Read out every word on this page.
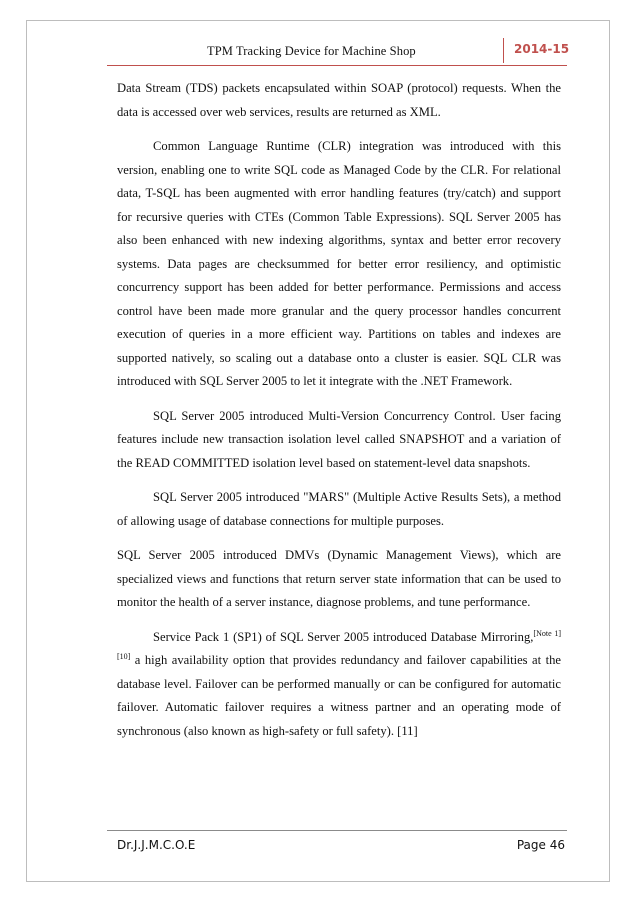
TPM Tracking Device for Machine Shop	2014-15

Data Stream (TDS) packets encapsulated within SOAP (protocol) requests. When the data is accessed over web services, results are returned as XML.

Common Language Runtime (CLR) integration was introduced with this version, enabling one to write SQL code as Managed Code by the CLR. For relational data, T-SQL has been augmented with error handling features (try/catch) and support for recursive queries with CTEs (Common Table Expressions). SQL Server 2005 has also been enhanced with new indexing algorithms, syntax and better error recovery systems. Data pages are checksummed for better error resiliency, and optimistic concurrency support has been added for better performance. Permissions and access control have been made more granular and the query processor handles concurrent execution of queries in a more efficient way. Partitions on tables and indexes are supported natively, so scaling out a database onto a cluster is easier. SQL CLR was introduced with SQL Server 2005 to let it integrate with the .NET Framework.

SQL Server 2005 introduced Multi-Version Concurrency Control. User facing features include new transaction isolation level called SNAPSHOT and a variation of the READ COMMITTED isolation level based on statement-level data snapshots.

SQL Server 2005 introduced "MARS" (Multiple Active Results Sets), a method of allowing usage of database connections for multiple purposes.

SQL Server 2005 introduced DMVs (Dynamic Management Views), which are specialized views and functions that return server state information that can be used to monitor the health of a server instance, diagnose problems, and tune performance.

Service Pack 1 (SP1) of SQL Server 2005 introduced Database Mirroring,[Note 1][10] a high availability option that provides redundancy and failover capabilities at the database level. Failover can be performed manually or can be configured for automatic failover. Automatic failover requires a witness partner and an operating mode of synchronous (also known as high-safety or full safety). [11]

Dr.J.J.M.C.O.E	Page 46
